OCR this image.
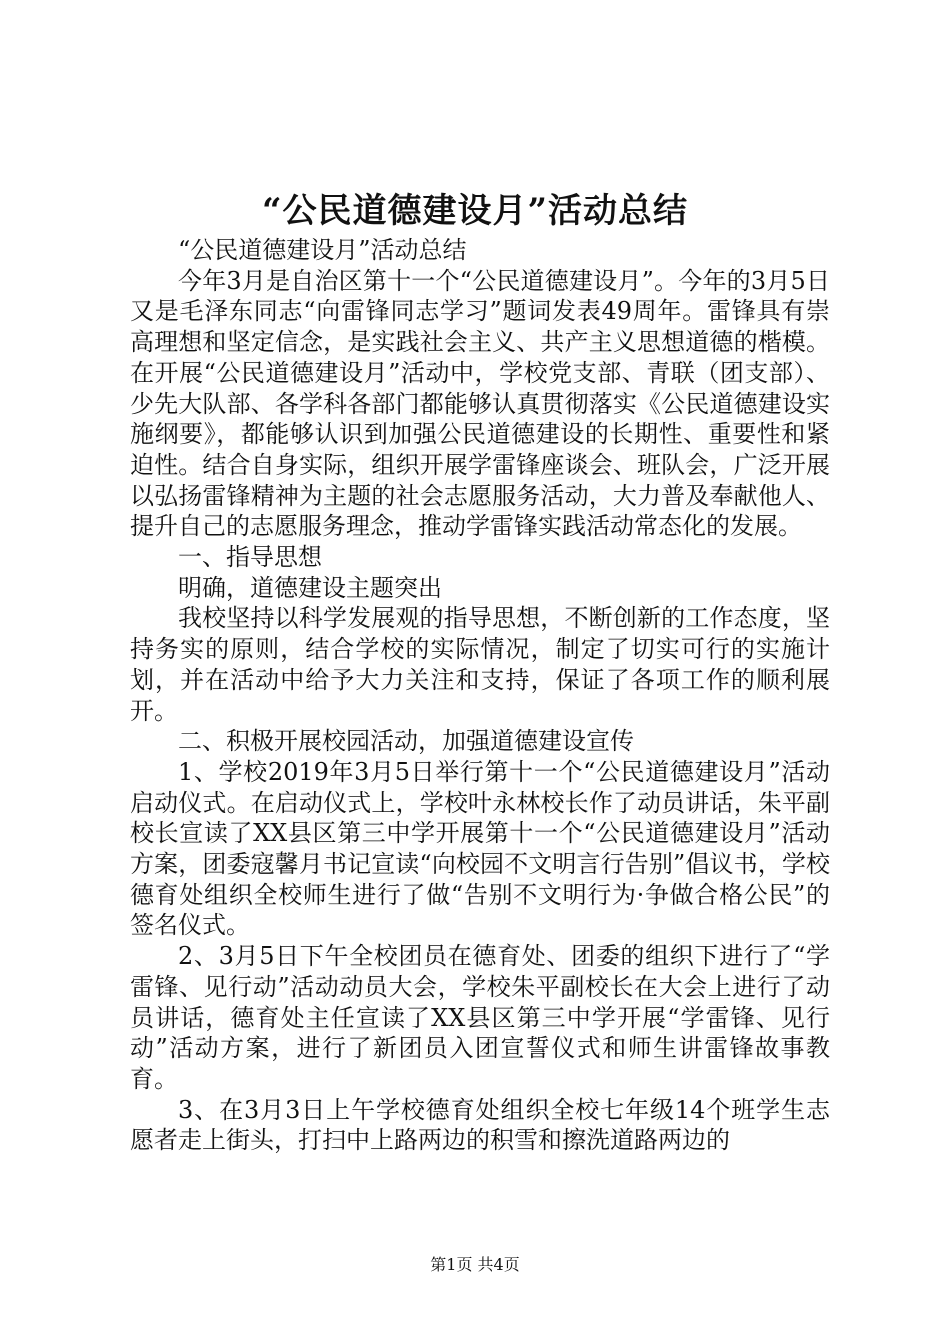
“公民道德建设月”活动总结

“公民道德建设月”活动总结

今年3月是自治区第十一个“公民道德建设月”。今年的3月5日又是毛泽东同志“向雷锋同志学习”题词发表49周年。雷锋具有崇高理想和坚定信念，是实践社会主义、共产主义思想道德的楷模。在开展“公民道德建设月”活动中，学校党支部、青联（团支部）、少先大队部、各学科各部门都能够认真贯彻落实《公民道德建设实施纲要》，都能够认识到加强公民道德建设的长期性、重要性和紧迫性。结合自身实际，组织开展学雷锋座谈会、班队会，广泛开展以弘扬雷锋精神为主题的社会志愿服务活动，大力普及奉献他人、提升自己的志愿服务理念，推动学雷锋实践活动常态化的发展。

一、指导思想

明确，道德建设主题突出

我校坚持以科学发展观的指导思想，不断创新的工作态度，坚持务实的原则，结合学校的实际情况，制定了切实可行的实施计划，并在活动中给予大力关注和支持，保证了各项工作的顺利展开。

二、积极开展校园活动，加强道德建设宣传

1、学校2019年3月5日举行第十一个“公民道德建设月”活动启动仪式。在启动仪式上，学校叶永林校长作了动员讲话，朱平副校长宣读了XX县区第三中学开展第十一个“公民道德建设月”活动方案，团委寇馨月书记宣读“向校园不文明言行告别”倡议书，学校德育处组织全校师生进行了做“告别不文明行为·争做合格公民”的签名仪式。

2、3月5日下午全校团员在德育处、团委的组织下进行了“学雷锋、见行动”活动动员大会，学校朱平副校长在大会上进行了动员讲话，德育处主任宣读了XX县区第三中学开展“学雷锋、见行动”活动方案，进行了新团员入团宣誓仪式和师生讲雷锋故事教育。

3、在3月3日上午学校德育处组织全校七年级14个班学生志愿者走上街头，打扫中上路两边的积雪和擦洗道路两边的

第1页 共4页
